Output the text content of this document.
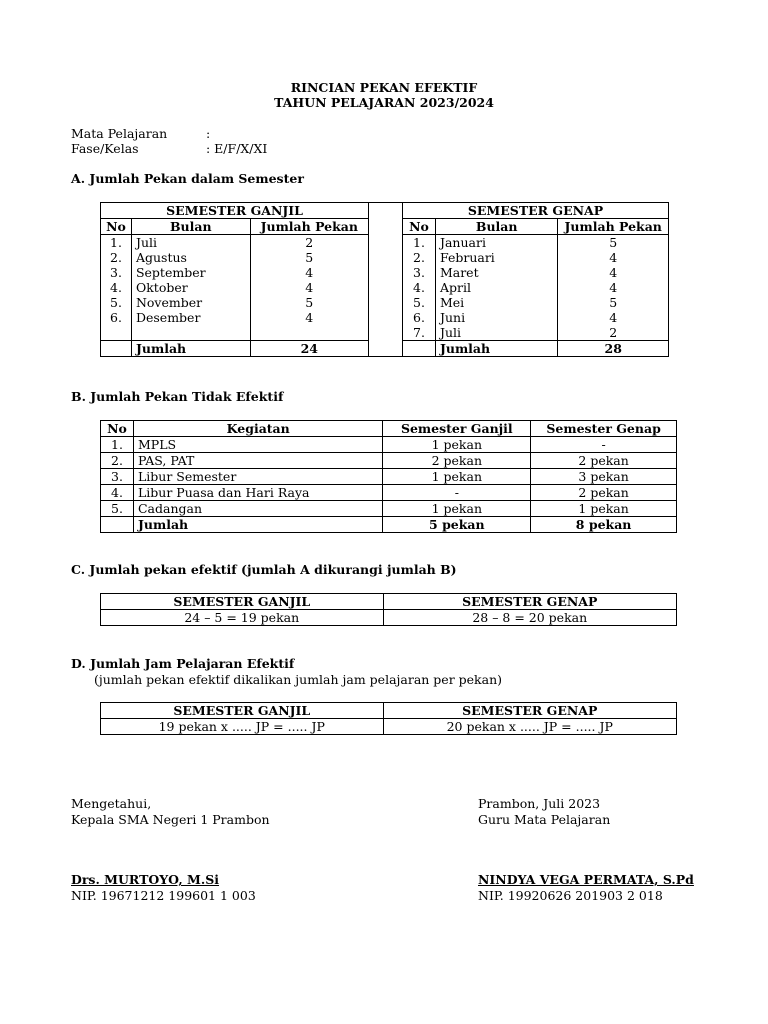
RINCIAN PEKAN EFEKTIF
TAHUN PELAJARAN 2023/2024
Mata Pelajaran	:
Fase/Kelas	: E/F/X/XI
A. Jumlah Pekan dalam Semester
SEMESTER GANJIL		
No	Bulan	Jumlah Pekan
1.	Juli	2
2.	Agustus	5
3.	September	4
4.	Oktober	4
5.	November	5
6.	Desember	4

	Jumlah	24
SEMESTER GENAP		
No	Bulan	Jumlah Pekan
1.	Januari	5
2.	Februari	4
3.	Maret	4
4.	April	4
5.	Mei	5
6.	Juni	4
7.	Juli	2
	Jumlah	28
B. Jumlah Pekan Tidak Efektif
No	Kegiatan	Semester Ganjil	Semester Genap
1.	MPLS	1 pekan	-
2.	PAS, PAT	2 pekan	2 pekan
3.	Libur Semester	1 pekan	3 pekan
4.	Libur Puasa dan Hari Raya	-	2 pekan
5.	Cadangan	1 pekan	1 pekan
	Jumlah	5 pekan	8 pekan
C. Jumlah pekan efektif (jumlah A dikurangi jumlah B)
SEMESTER GANJIL	SEMESTER GENAP
24 – 5 = 19 pekan	28 – 8 = 20 pekan
D. Jumlah Jam Pelajaran Efektif
(jumlah pekan efektif dikalikan jumlah jam pelajaran per pekan)
SEMESTER GANJIL	SEMESTER GENAP
19 pekan x ..... JP = ..... JP	20 pekan x ..... JP = ..... JP
Mengetahui,
Kepala SMA Negeri 1 Prambon
Drs. MURTOYO, M.Si
NIP. 19671212 199601 1 003
Prambon, Juli 2023
Guru Mata Pelajaran
NINDYA VEGA PERMATA, S.Pd
NIP. 19920626 201903 2 018
